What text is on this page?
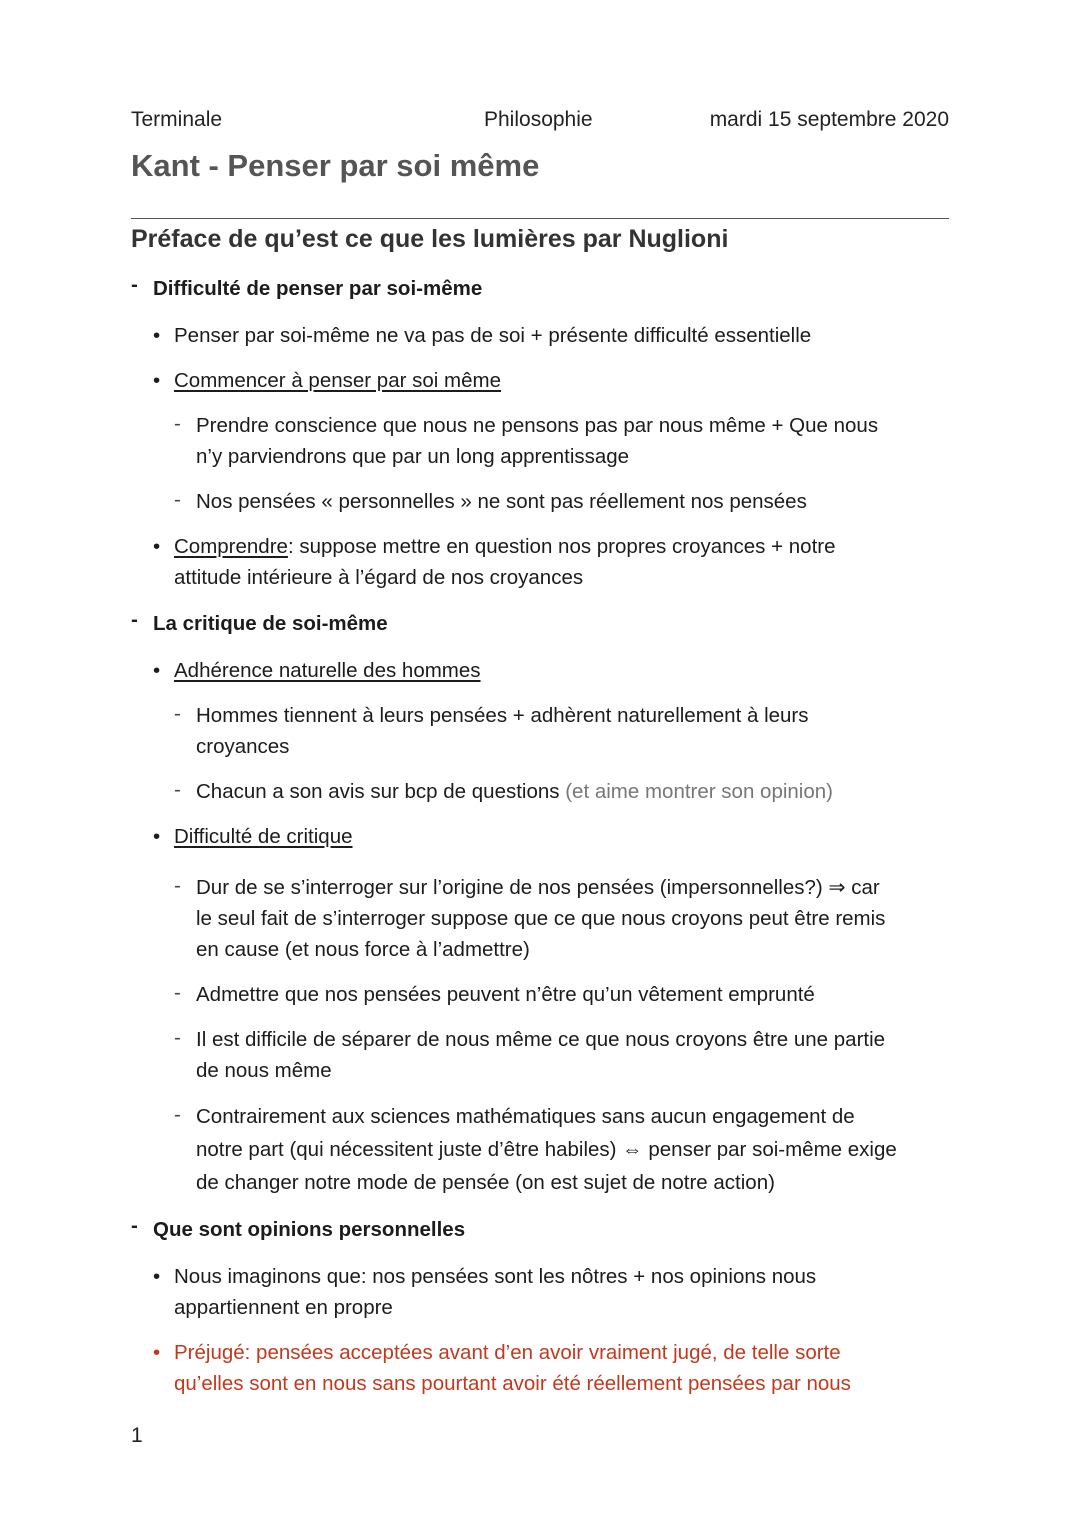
Terminale	Philosophie	mardi 15 septembre 2020
Kant - Penser par soi même
Préface de qu’est ce que les lumières par Nuglioni
- Difficulté de penser par soi-même
• Penser par soi-même ne va pas de soi + présente difficulté essentielle
• Commencer à penser par soi même
- Prendre conscience que nous ne pensons pas par nous même + Que nous
n’y parviendrons que par un long apprentissage
- Nos pensées « personnelles » ne sont pas réellement nos pensées
• Comprendre: suppose mettre en question nos propres croyances + notre
attitude intérieure à l’égard de nos croyances
- La critique de soi-même
• Adhérence naturelle des hommes
- Hommes tiennent à leurs pensées + adhèrent naturellement à leurs
croyances
- Chacun a son avis sur bcp de questions (et aime montrer son opinion)
• Difficulté de critique
- Dur de se s’interroger sur l’origine de nos pensées (impersonnelles?) ⇒ car
le seul fait de s’interroger suppose que ce que nous croyons peut être remis
en cause (et nous force à l’admettre)
- Admettre que nos pensées peuvent n’être qu’un vêtement emprunté
- Il est difficile de séparer de nous même ce que nous croyons être une partie
de nous même
- Contrairement aux sciences mathématiques sans aucun engagement de
notre part (qui nécessitent juste d’être habiles) ⇔ penser par soi-même exige
de changer notre mode de pensée (on est sujet de notre action)
- Que sont opinions personnelles
• Nous imaginons que: nos pensées sont les nôtres + nos opinions nous
appartiennent en propre
• Préjugé: pensées acceptées avant d’en avoir vraiment jugé, de telle sorte
qu’elles sont en nous sans pourtant avoir été réellement pensées par nous
1
